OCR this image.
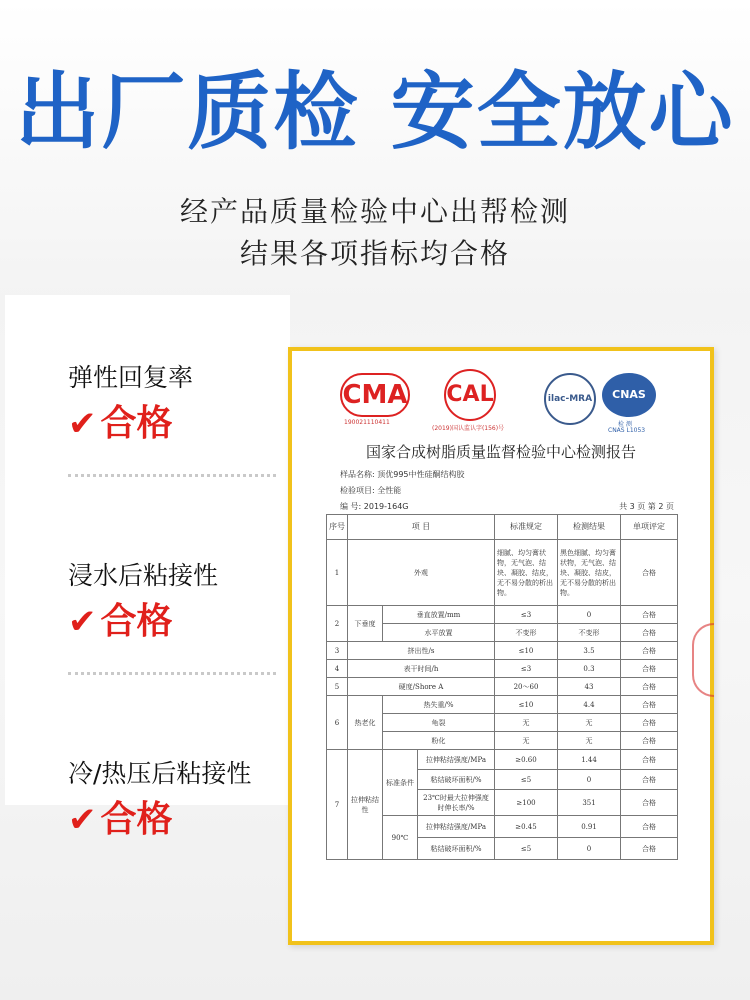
出厂质检 安全放心
经产品质量检验中心出帮检测
结果各项指标均合格
弹性回复率
✔ 合格
浸水后粘接性
✔ 合格
冷/热压后粘接性
✔ 合格
CMA
190021110411
CAL
(2019)国认监认字(156)号
ilac-MRA	CNAS
检 测
CNAS L1053
国家合成树脂质量监督检验中心检测报告
样品名称: 顶优995中性硅酮结构胶
检验项目: 全性能
编 号: 2019-164G	共 3 页 第 2 页
序号	项 目			标准规定	检测结果	单项评定
1	外观			细腻、均匀膏状物，无气泡、结块、凝胶、结皮，无不易分散的析出物。	黑色细腻、均匀膏状物，无气泡、结块、凝胶、结皮，无不易分散的析出物。	合格
2	下垂度	垂直放置/mm		≤3	0	合格
		水平放置		不变形	不变形	合格
3	挤出性/s			≤10	3.5	合格
4	表干时间/h			≤3	0.3	合格
5	硬度/Shore A			20～60	43	合格
6	热老化	热失重/%		≤10	4.4	合格
		龟裂		无	无	合格
		粉化		无	无	合格
7	拉伸粘结性	标准条件	拉伸粘结强度/MPa	≥0.60	1.44	合格
			粘结破坏面积/%	≤5	0	合格
			23℃时最大拉伸强度时伸长率/%	≥100	351	合格
		90℃	拉伸粘结强度/MPa	≥0.45	0.91	合格
			粘结破坏面积/%	≤5	0	合格
